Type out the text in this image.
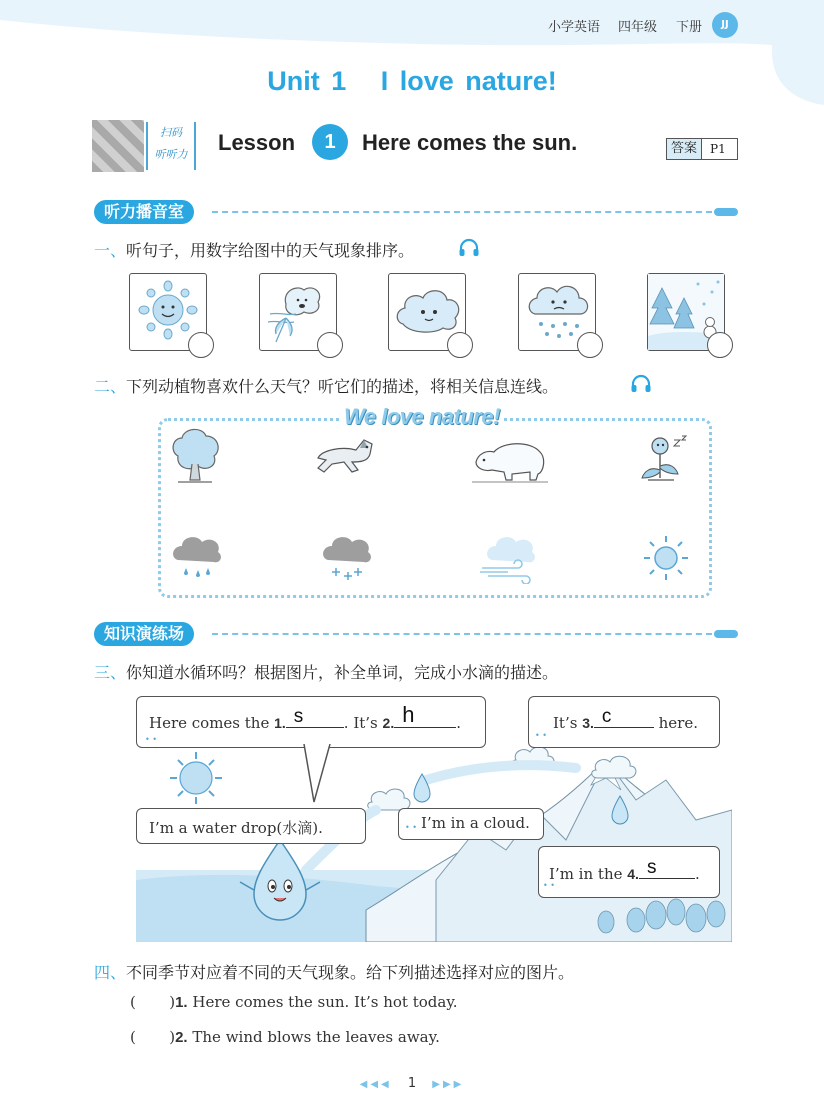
小学英语 四年级 下册	JJ
Unit 1   I love nature!
扫码
听听力	Lesson	1	Here comes the sun.	答案	P1
听力播音室
一、听句子，用数字给图中的天气现象排序。
二、下列动植物喜欢什么天气？听它们的描述，将相关信息连线。
We love nature!
知识演练场
三、你知道水循环吗？根据图片，补全单词，完成小水滴的描述。
Here comes the 1. s	. It’s 2. h	.
• •
It’s 3. c	here.
• •
I’m a water drop(水滴).	I’m in a cloud.
• •
I’m in the 4. s	.
• •
四、不同季节对应着不同的天气现象。给下列描述选择对应的图片。
(       )1. Here comes the sun. It’s hot today.
(       )2. The wind blows the leaves away.
◀◀◀ 1 ▶▶▶
